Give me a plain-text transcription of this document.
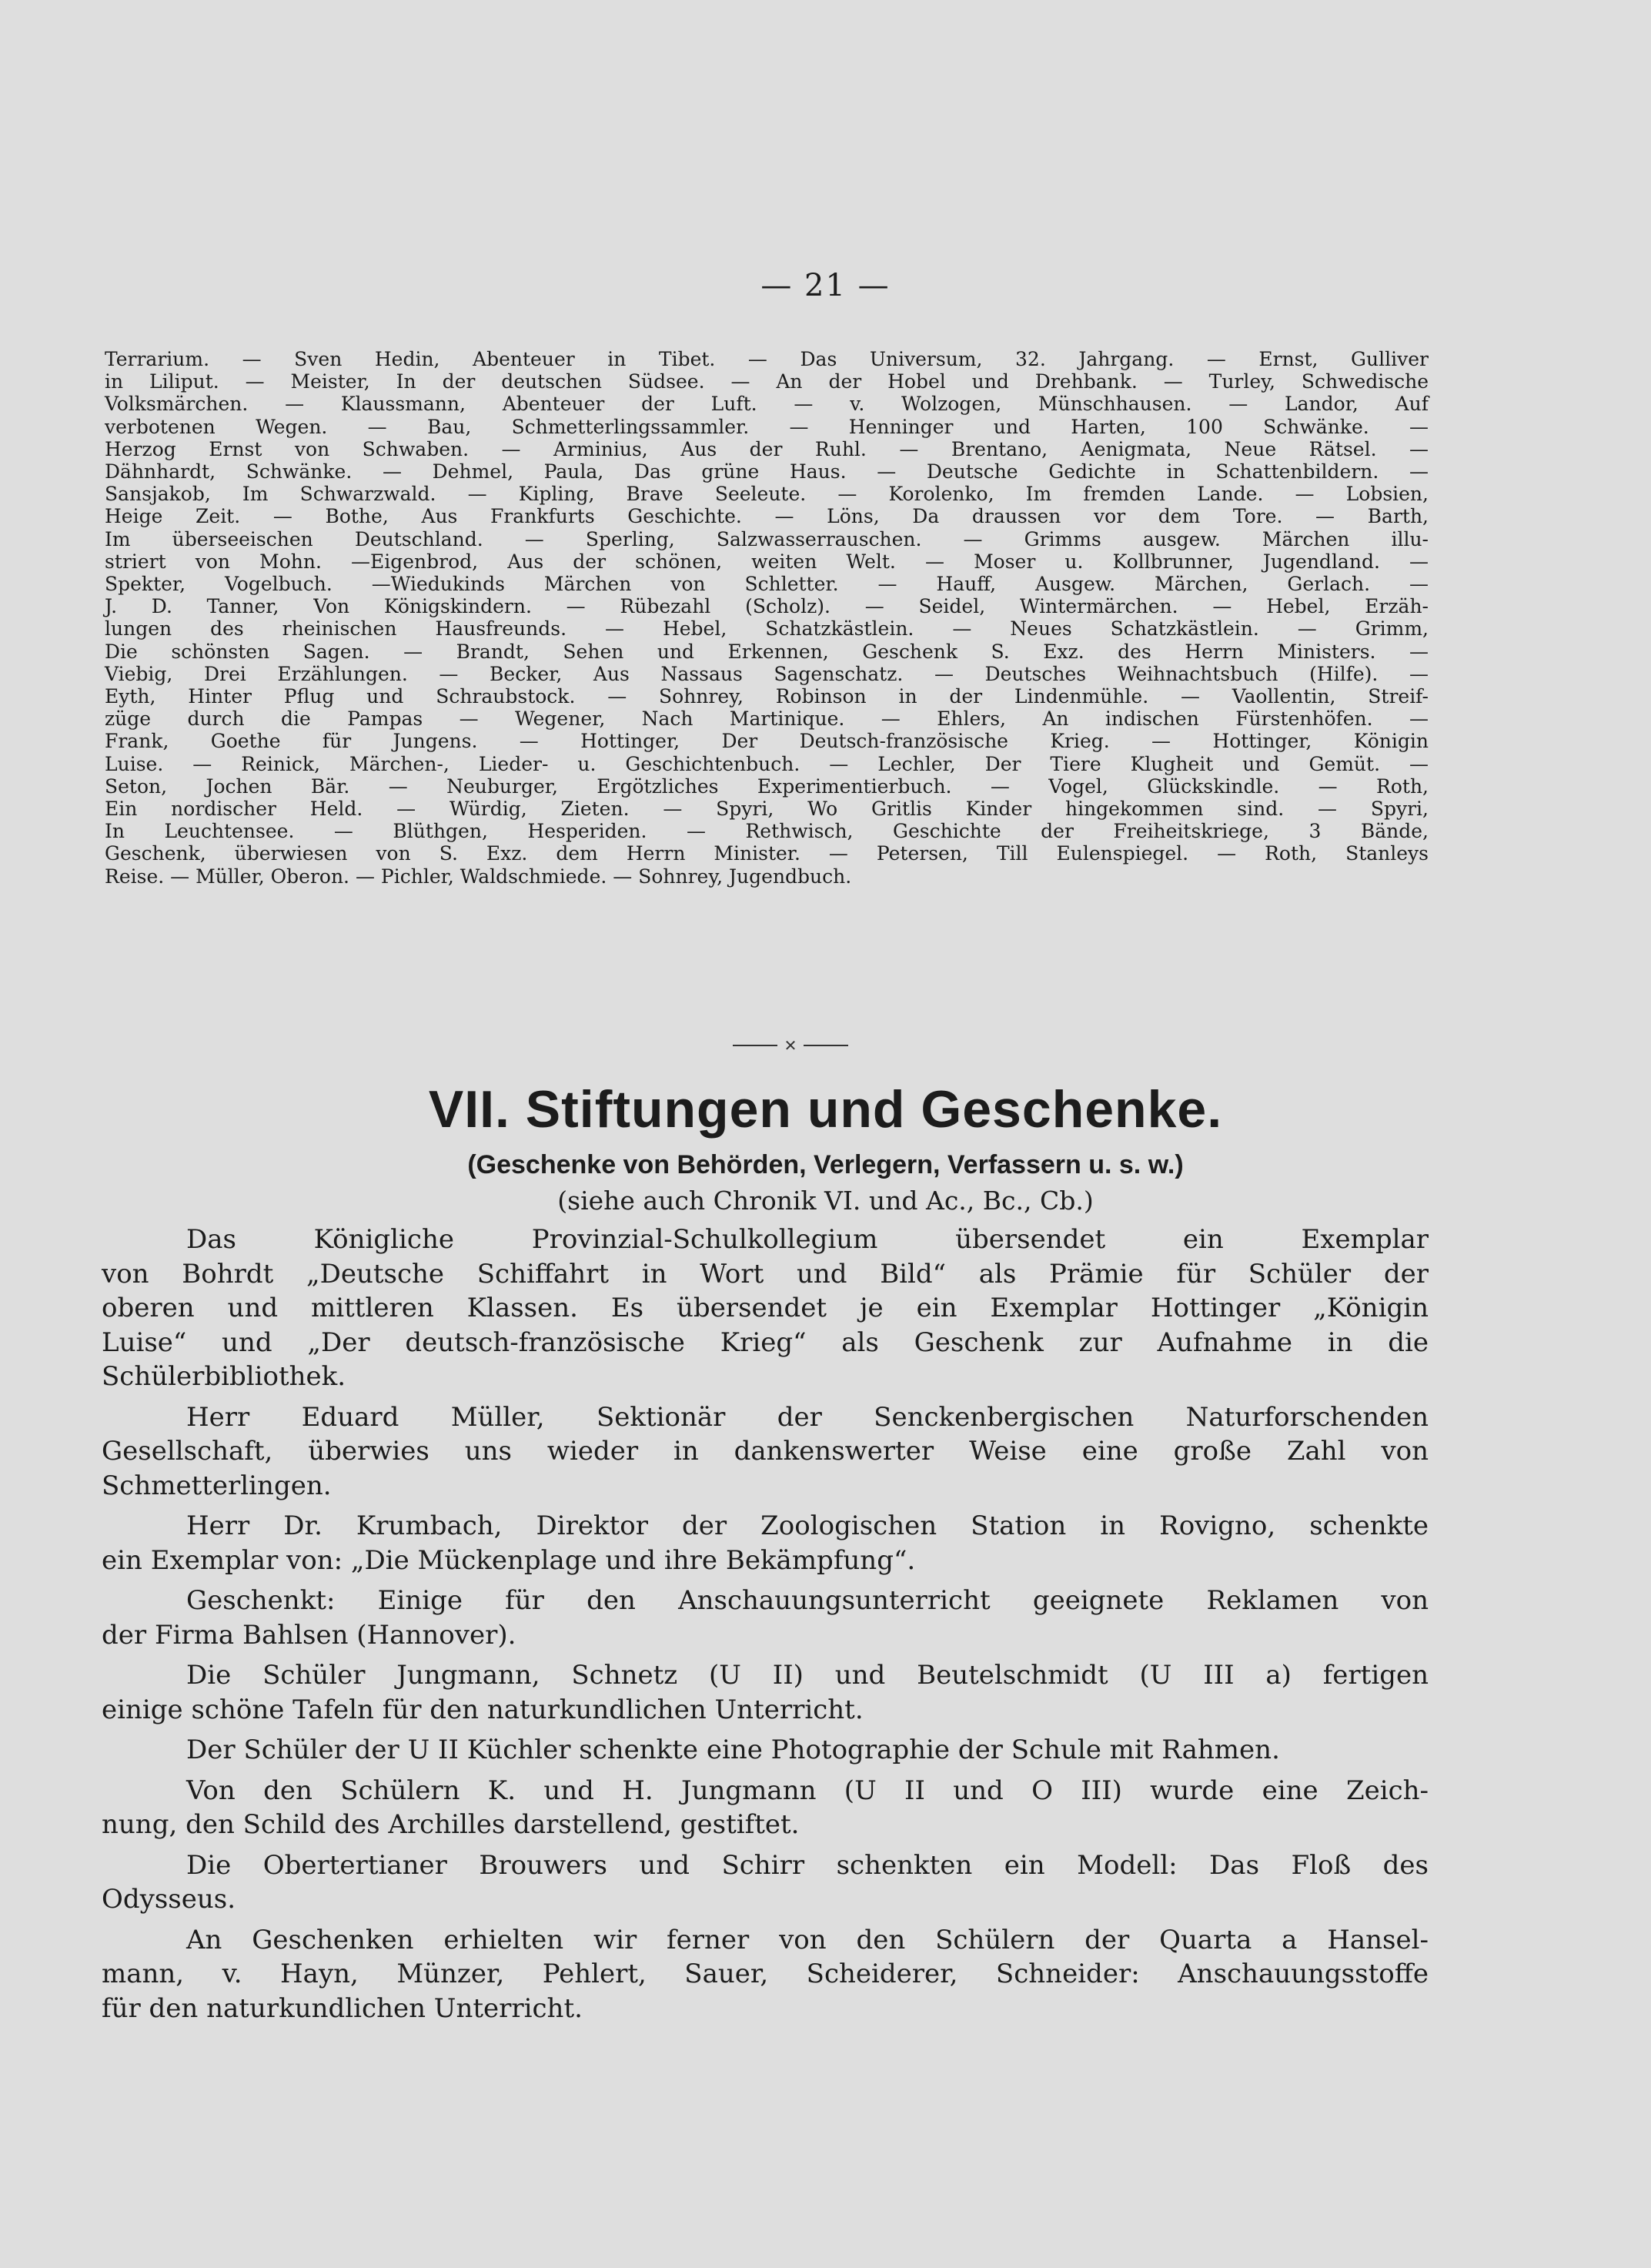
— 21 —
Terrarium. — Sven Hedin, Abenteuer in Tibet. — Das Universum, 32. Jahrgang. — Ernst, Gulliver
in Liliput. — Meister, In der deutschen Südsee. — An der Hobel und Drehbank. — Turley, Schwedische
Volksmärchen. — Klaussmann, Abenteuer der Luft. — v. Wolzogen, Münschhausen. — Landor, Auf
verbotenen Wegen. — Bau, Schmetterlingssammler. — Henninger und Harten, 100 Schwänke. —
Herzog Ernst von Schwaben. — Arminius, Aus der Ruhl. — Brentano, Aenigmata, Neue Rätsel. —
Dähnhardt, Schwänke. — Dehmel, Paula, Das grüne Haus. — Deutsche Gedichte in Schattenbildern. —
Sansjakob, Im Schwarzwald. — Kipling, Brave Seeleute. — Korolenko, Im fremden Lande. — Lobsien,
Heige Zeit. — Bothe, Aus Frankfurts Geschichte. — Löns, Da draussen vor dem Tore. — Barth,
Im überseeischen Deutschland. — Sperling, Salzwasserrauschen. — Grimms ausgew. Märchen illu-
striert von Mohn. —Eigenbrod, Aus der schönen, weiten Welt. — Moser u. Kollbrunner, Jugendland. —
Spekter, Vogelbuch. —Wiedukinds Märchen von Schletter. — Hauff, Ausgew. Märchen, Gerlach. —
J. D. Tanner, Von Königskindern. — Rübezahl (Scholz). — Seidel, Wintermärchen. — Hebel, Erzäh-
lungen des rheinischen Hausfreunds. — Hebel, Schatzkästlein. — Neues Schatzkästlein. — Grimm,
Die schönsten Sagen. — Brandt, Sehen und Erkennen, Geschenk S. Exz. des Herrn Ministers. —
Viebig, Drei Erzählungen. — Becker, Aus Nassaus Sagenschatz. — Deutsches Weihnachtsbuch (Hilfe). —
Eyth, Hinter Pflug und Schraubstock. — Sohnrey, Robinson in der Lindenmühle. — Vaollentin, Streif-
züge durch die Pampas — Wegener, Nach Martinique. — Ehlers, An indischen Fürstenhöfen. —
Frank, Goethe für Jungens. — Hottinger, Der Deutsch-französische Krieg. — Hottinger, Königin
Luise. — Reinick, Märchen-, Lieder- u. Geschichtenbuch. — Lechler, Der Tiere Klugheit und Gemüt. —
Seton, Jochen Bär. — Neuburger, Ergötzliches Experimentierbuch. — Vogel, Glückskindle. — Roth,
Ein nordischer Held. — Würdig, Zieten. — Spyri, Wo Gritlis Kinder hingekommen sind. — Spyri,
In Leuchtensee. — Blüthgen, Hesperiden. — Rethwisch, Geschichte der Freiheitskriege, 3 Bände,
Geschenk, überwiesen von S. Exz. dem Herrn Minister. — Petersen, Till Eulenspiegel. — Roth, Stanleys
Reise. — Müller, Oberon. — Pichler, Waldschmiede. — Sohnrey, Jugendbuch.
✕
VII. Stiftungen und Geschenke.
(Geschenke von Behörden, Verlegern, Verfassern u. s. w.)
(siehe auch Chronik VI. und Ac., Bc., Cb.)
Das Königliche Provinzial-Schulkollegium übersendet ein Exemplar
von Bohrdt „Deutsche Schiffahrt in Wort und Bild“ als Prämie für Schüler der
oberen und mittleren Klassen. Es übersendet je ein Exemplar Hottinger „Königin
Luise“ und „Der deutsch-französische Krieg“ als Geschenk zur Aufnahme in die
Schülerbibliothek.
Herr Eduard Müller, Sektionär der Senckenbergischen Naturforschenden
Gesellschaft, überwies uns wieder in dankenswerter Weise eine große Zahl von
Schmetterlingen.
Herr Dr. Krumbach, Direktor der Zoologischen Station in Rovigno, schenkte
ein Exemplar von: „Die Mückenplage und ihre Bekämpfung“.
Geschenkt: Einige für den Anschauungsunterricht geeignete Reklamen von
der Firma Bahlsen (Hannover).
Die Schüler Jungmann, Schnetz (U II) und Beutelschmidt (U III a) fertigen
einige schöne Tafeln für den naturkundlichen Unterricht.
Der Schüler der U II Küchler schenkte eine Photographie der Schule mit Rahmen.
Von den Schülern K. und H. Jungmann (U II und O III) wurde eine Zeich-
nung, den Schild des Archilles darstellend, gestiftet.
Die Obertertianer Brouwers und Schirr schenkten ein Modell: Das Floß des
Odysseus.
An Geschenken erhielten wir ferner von den Schülern der Quarta a Hansel-
mann, v. Hayn, Münzer, Pehlert, Sauer, Scheiderer, Schneider: Anschauungsstoffe
für den naturkundlichen Unterricht.
